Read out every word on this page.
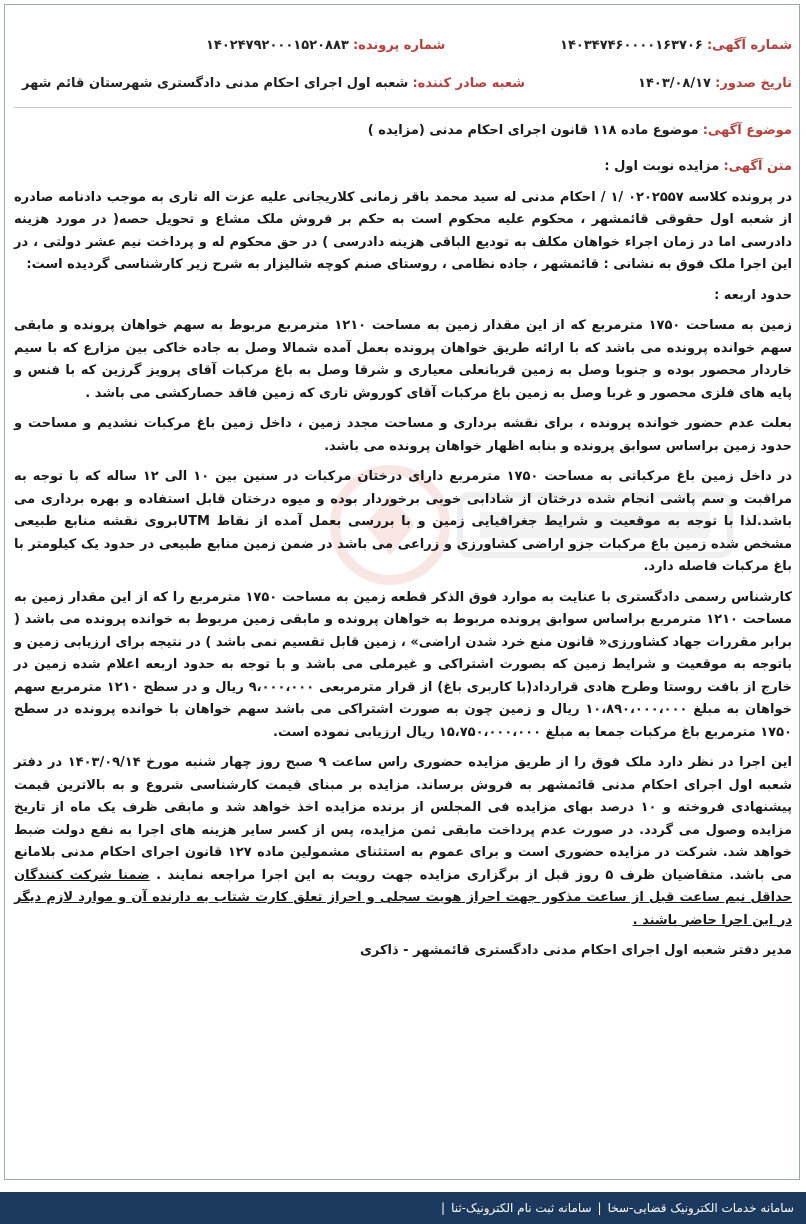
شماره آگهی: ۱۴۰۳۴۷۴۶۰۰۰۰۱۶۳۷۰۶
شماره پرونده: ۱۴۰۲۴۷۹۲۰۰۰۱۵۲۰۸۸۳
تاریخ صدور: ۱۴۰۳/۰۸/۱۷
شعبه صادر کننده: شعبه اول اجرای احکام مدنی دادگستری شهرستان قائم شهر

موضوع آگهی: موضوع ماده ۱۱۸ قانون اجرای احکام مدنی (مزایده )

متن آگهی: مزایده نوبت اول :

در پرونده کلاسه ۰۲۰۲۵۵۷ /۱ / احکام مدنی له سید محمد باقر زمانی کلاریجانی علیه عزت اله تاری به موجب دادنامه صادره از شعبه اول حقوقی قائمشهر ، محکوم علیه محکوم است به حکم بر فروش ملک مشاع و تحویل حصه( در مورد هزینه دادرسی اما در زمان اجراء خواهان مکلف به تودیع الباقی هزینه دادرسی ) در حق محکوم له و پرداخت نیم عشر دولتی ، در این اجرا ملک فوق به نشانی : قائمشهر ، جاده نظامی ، روستای صنم کوچه شالیزار به شرح زیر کارشناسی گردیده است:

حدود اربعه :

زمین به مساحت ۱۷۵۰ مترمربع که از این مقدار زمین به مساحت ۱۲۱۰ مترمربع مربوط به سهم خواهان پرونده و مابقی سهم خوانده پرونده می باشد که با ارائه طریق خواهان پرونده بعمل آمده شمالا وصل به جاده خاکی بین مزارع که با سیم خاردار محصور بوده و جنوبا وصل به زمین قربانعلی معیاری و شرقا وصل به باغ مرکبات آقای پرویز گرزین که با فنس و پایه های فلزی محصور و غربا وصل به زمین باغ مرکبات آقای کوروش تاری که زمین فاقد حصارکشی می باشد .

بعلت عدم حضور خوانده پرونده ، برای نقشه برداری و مساحت مجدد زمین ، داخل زمین باغ مرکبات نشدیم و مساحت و حدود زمین براساس سوابق پرونده و بنابه اظهار خواهان پرونده می باشد.

در داخل زمین باغ مرکباتی به مساحت ۱۷۵۰ مترمربع دارای درختان مرکبات در سنین بین ۱۰ الی ۱۲ ساله که با توجه به مراقبت و سم پاشی انجام شده درختان از شادابی خوبی برخوردار بوده و میوه درختان قابل استفاده و بهره برداری می باشد.لذا با توجه به موقعیت و شرایط جغرافیایی زمین و با بررسی بعمل آمده از نقاط UTMبروی نقشه منابع طبیعی مشخص شده زمین باغ مرکبات جزو اراضی کشاورزی و زراعی می باشد در ضمن زمین منابع طبیعی در حدود یک کیلومتر با باغ مرکبات فاصله دارد.

کارشناس رسمی دادگستری با عنایت به موارد فوق الذکر قطعه زمین به مساحت ۱۷۵۰ مترمربع را که از این مقدار زمین به مساحت ۱۲۱۰ مترمربع براساس سوابق پرونده مربوط به خواهان پرونده و مابقی زمین مربوط به خوانده پرونده می باشد ( برابر مقررات جهاد کشاورزی« قانون منع خرد شدن اراضی» ، زمین قابل تقسیم نمی باشد ) در نتیجه برای ارزیابی زمین و باتوجه به موقعیت و شرایط زمین که بصورت اشتراکی و غیرملی می باشد و با توجه به حدود اربعه اعلام شده زمین در خارج از بافت روستا وطرح هادی قرارداد(با کاربری باغ) از قرار مترمربعی ۹،۰۰۰،۰۰۰ ریال و در سطح ۱۲۱۰ مترمربع سهم خواهان به مبلغ ۱۰،۸۹۰،۰۰۰،۰۰۰ ریال و زمین چون به صورت اشتراکی می باشد سهم خواهان با خوانده پرونده در سطح ۱۷۵۰ مترمربع باغ مرکبات جمعا به مبلغ ۱۵،۷۵۰،۰۰۰،۰۰۰ ریال ارزیابی نموده است.

این اجرا در نظر دارد ملک فوق را از طریق مزایده حضوری راس ساعت ۹ صبح روز چهار شنبه مورخ ۱۴۰۳/۰۹/۱۴ در دفتر شعبه اول اجرای احکام مدنی قائمشهر به فروش برساند. مزایده بر مبنای قیمت کارشناسی شروع و به بالاترین قیمت پیشنهادی فروخته و ۱۰ درصد بهای مزایده فی المجلس از برنده مزایده اخذ خواهد شد و مابقی ظرف یک ماه از تاریخ مزایده وصول می گردد. در صورت عدم پرداخت مابقی ثمن مزایده، پس از کسر سایر هزینه های اجرا به نفع دولت ضبط خواهد شد. شرکت در مزایده حضوری است و برای عموم به استثنای مشمولین ماده ۱۲۷ قانون اجرای احکام مدنی بلامانع می باشد. متقاضیان ظرف ۵ روز قبل از برگزاری مزایده جهت رویت به این اجرا مراجعه نمایند . ضمنا شرکت کنندگان حداقل نیم ساعت قبل از ساعت مذکور جهت احراز هویت سجلی و احراز تعلق کارت شتاب به دارنده آن و موارد لازم دیگر در این اجرا حاضر باشند .

مدیر دفتر شعبه اول اجرای احکام مدنی دادگستری قائمشهر - ذاکری

سامانه خدمات الکترونیک قضایی-سخا
|
سامانه ثبت نام الکترونیک-ثنا
|
